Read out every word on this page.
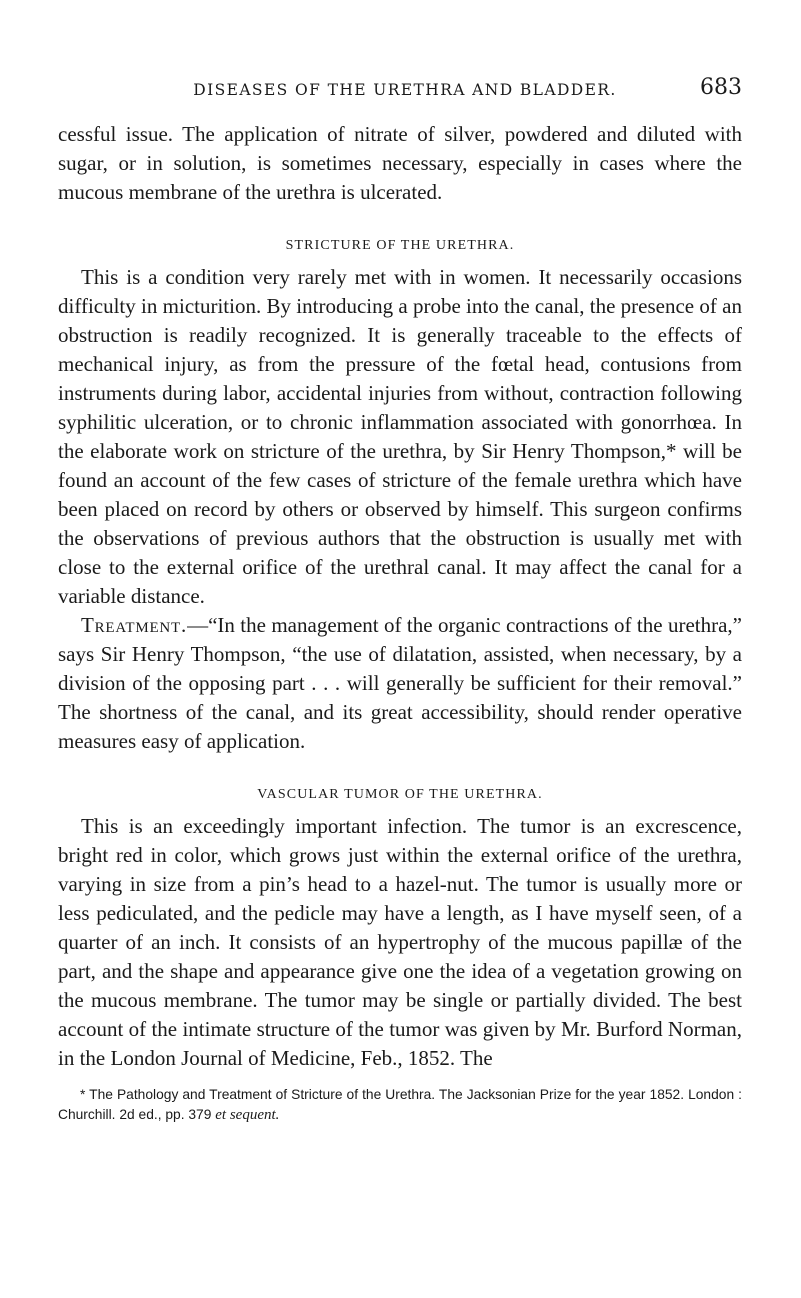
DISEASES OF THE URETHRA AND BLADDER.	683

cessful issue. The application of nitrate of silver, powdered and diluted with sugar, or in solution, is sometimes necessary, especially in cases where the mucous membrane of the urethra is ulcerated.

STRICTURE OF THE URETHRA.

This is a condition very rarely met with in women. It necessarily occasions difficulty in micturition. By introducing a probe into the canal, the presence of an obstruction is readily recognized. It is generally traceable to the effects of mechanical injury, as from the pressure of the fœtal head, contusions from instruments during labor, accidental injuries from without, contraction following syphilitic ulceration, or to chronic inflammation associated with gonorrhœa. In the elaborate work on stricture of the urethra, by Sir Henry Thompson,* will be found an account of the few cases of stricture of the female urethra which have been placed on record by others or observed by himself. This surgeon confirms the observations of previous authors that the obstruction is usually met with close to the external orifice of the urethral canal. It may affect the canal for a variable distance.

Treatment.—“In the management of the organic contractions of the urethra,” says Sir Henry Thompson, “the use of dilatation, assisted, when necessary, by a division of the opposing part . . . will generally be sufficient for their removal.” The shortness of the canal, and its great accessibility, should render operative measures easy of application.

VASCULAR TUMOR OF THE URETHRA.

This is an exceedingly important infection. The tumor is an excrescence, bright red in color, which grows just within the external orifice of the urethra, varying in size from a pin’s head to a hazel-nut. The tumor is usually more or less pediculated, and the pedicle may have a length, as I have myself seen, of a quarter of an inch. It consists of an hypertrophy of the mucous papillæ of the part, and the shape and appearance give one the idea of a vegetation growing on the mucous membrane. The tumor may be single or partially divided. The best account of the intimate structure of the tumor was given by Mr. Burford Norman, in the London Journal of Medicine, Feb., 1852. The

* The Pathology and Treatment of Stricture of the Urethra. The Jacksonian Prize for the year 1852. London : Churchill. 2d ed., pp. 379 et sequent.
